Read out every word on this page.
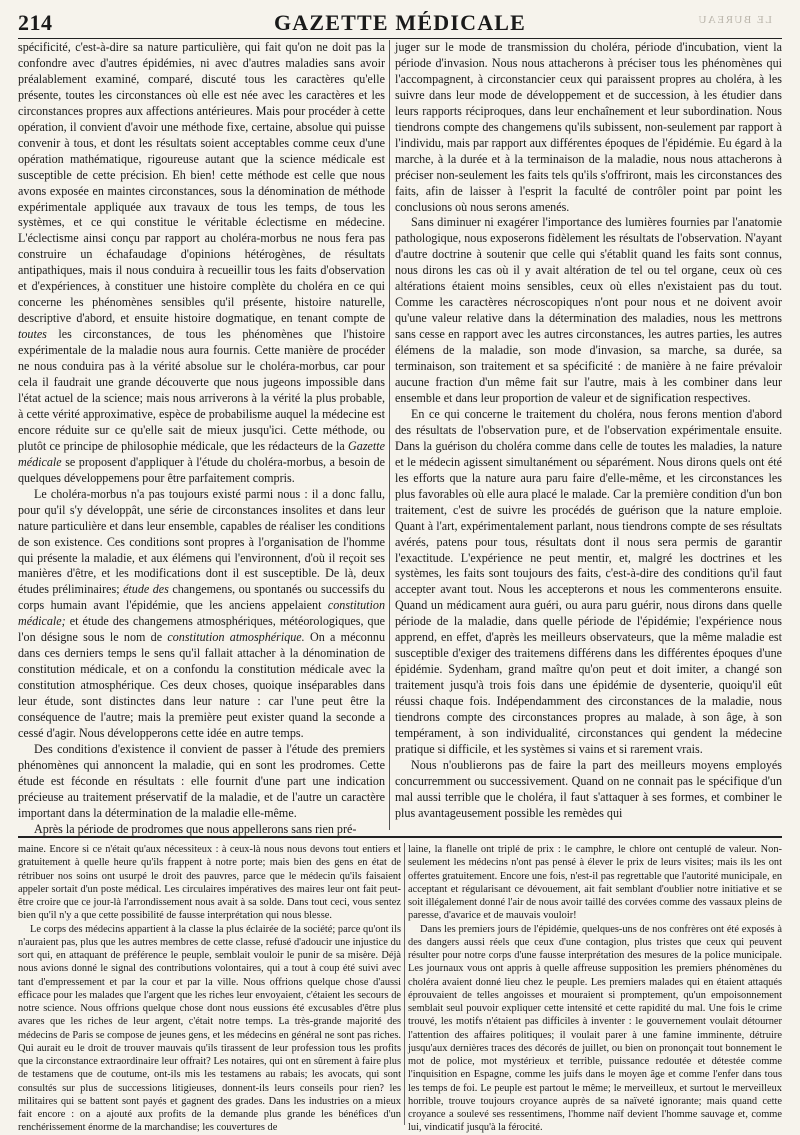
214	GAZETTE MÉDICALE	LE BUREAU

spécificité, c'est-à-dire sa nature particulière, qui fait qu'on ne doit pas la confondre avec d'autres épidémies, ni avec d'autres maladies sans avoir préalablement examiné, comparé, discuté tous les caractères qu'elle présente, toutes les circonstances où elle est née avec les caractères et les circonstances propres aux affections antérieures. Mais pour procéder à cette opération, il convient d'avoir une méthode fixe, certaine, absolue qui puisse convenir à tous, et dont les résultats soient acceptables comme ceux d'une opération mathématique, rigoureuse autant que la science médicale est susceptible de cette précision. Eh bien! cette méthode est celle que nous avons exposée en maintes circonstances, sous la dénomination de méthode expérimentale appliquée aux travaux de tous les temps, de tous les systèmes, et ce qui constitue le véritable éclectisme en médecine. L'éclectisme ainsi conçu par rapport au choléra-morbus ne nous fera pas construire un échafaudage d'opinions hétérogènes, de résultats antipathiques, mais il nous conduira à recueillir tous les faits d'observation et d'expériences, à constituer une histoire complète du choléra en ce qui concerne les phénomènes sensibles qu'il présente, histoire naturelle, descriptive d'abord, et ensuite histoire dogmatique, en tenant compte de toutes les circonstances, de tous les phénomènes que l'histoire expérimentale de la maladie nous aura fournis. Cette manière de procéder ne nous conduira pas à la vérité absolue sur le choléra-morbus, car pour cela il faudrait une grande découverte que nous jugeons impossible dans l'état actuel de la science; mais nous arriverons à la vérité la plus probable, à cette vérité approximative, espèce de probabilisme auquel la médecine est encore réduite sur ce qu'elle sait de mieux jusqu'ici. Cette méthode, ou plutôt ce principe de philosophie médicale, que les rédacteurs de la Gazette médicale se proposent d'appliquer à l'étude du choléra-morbus, a besoin de quelques développemens pour être parfaitement compris.

Le choléra-morbus n'a pas toujours existé parmi nous : il a donc fallu, pour qu'il s'y développât, une série de circonstances insolites et dans leur nature particulière et dans leur ensemble, capables de réaliser les conditions de son existence. Ces conditions sont propres à l'organisation de l'homme qui présente la maladie, et aux élémens qui l'environnent, d'où il reçoit ses manières d'être, et les modifications dont il est susceptible. De là, deux études préliminaires; étude des changemens, ou spontanés ou successifs du corps humain avant l'épidémie, que les anciens appelaient constitution médicale; et étude des changemens atmosphériques, météorologiques, que l'on désigne sous le nom de constitution atmosphérique. On a méconnu dans ces derniers temps le sens qu'il fallait attacher à la dénomination de constitution médicale, et on a confondu la constitution médicale avec la constitution atmosphérique. Ces deux choses, quoique inséparables dans leur étude, sont distinctes dans leur nature : car l'une peut être la conséquence de l'autre; mais la première peut exister quand la seconde a cessé d'agir. Nous développerons cette idée en autre temps.

Des conditions d'existence il convient de passer à l'étude des premiers phénomènes qui annoncent la maladie, qui en sont les prodromes. Cette étude est féconde en résultats : elle fournit d'une part une indication précieuse au traitement préservatif de la maladie, et de l'autre un caractère important dans la détermination de la maladie elle-même.

Après la période de prodromes que nous appellerons sans rien pré-

juger sur le mode de transmission du choléra, période d'incubation, vient la période d'invasion. Nous nous attacherons à préciser tous les phénomènes qui l'accompagnent, à circonstancier ceux qui paraissent propres au choléra, à les suivre dans leur mode de développement et de succession, à les étudier dans leurs rapports réciproques, dans leur enchaînement et leur subordination. Nous tiendrons compte des changemens qu'ils subissent, non-seulement par rapport à l'individu, mais par rapport aux différentes époques de l'épidémie. Eu égard à la marche, à la durée et à la terminaison de la maladie, nous nous attacherons à préciser non-seulement les faits tels qu'ils s'offriront, mais les circonstances des faits, afin de laisser à l'esprit la faculté de contrôler point par point les conclusions où nous serons amenés.

Sans diminuer ni exagérer l'importance des lumières fournies par l'anatomie pathologique, nous exposerons fidèlement les résultats de l'observation. N'ayant d'autre doctrine à soutenir que celle qui s'établit quand les faits sont connus, nous dirons les cas où il y avait altération de tel ou tel organe, ceux où ces altérations étaient moins sensibles, ceux où elles n'existaient pas du tout. Comme les caractères nécroscopiques n'ont pour nous et ne doivent avoir qu'une valeur relative dans la détermination des maladies, nous les mettrons sans cesse en rapport avec les autres circonstances, les autres parties, les autres élémens de la maladie, son mode d'invasion, sa marche, sa durée, sa terminaison, son traitement et sa spécificité : de manière à ne faire prévaloir aucune fraction d'un même fait sur l'autre, mais à les combiner dans leur ensemble et dans leur proportion de valeur et de signification respectives.

En ce qui concerne le traitement du choléra, nous ferons mention d'abord des résultats de l'observation pure, et de l'observation expérimentale ensuite. Dans la guérison du choléra comme dans celle de toutes les maladies, la nature et le médecin agissent simultanément ou séparément. Nous dirons quels ont été les efforts que la nature aura paru faire d'elle-même, et les circonstances les plus favorables où elle aura placé le malade. Car la première condition d'un bon traitement, c'est de suivre les procédés de guérison que la nature emploie. Quant à l'art, expérimentalement parlant, nous tiendrons compte de ses résultats avérés, patens pour tous, résultats dont il nous sera permis de garantir l'exactitude. L'expérience ne peut mentir, et, malgré les doctrines et les systèmes, les faits sont toujours des faits, c'est-à-dire des conditions qu'il faut accepter avant tout. Nous les accepterons et nous les commenterons ensuite. Quand un médicament aura guéri, ou aura paru guérir, nous dirons dans quelle période de la maladie, dans quelle période de l'épidémie; l'expérience nous apprend, en effet, d'après les meilleurs observateurs, que la même maladie est susceptible d'exiger des traitemens différens dans les différentes époques d'une épidémie. Sydenham, grand maître qu'on peut et doit imiter, a changé son traitement jusqu'à trois fois dans une épidémie de dysenterie, quoiqu'il eût réussi chaque fois. Indépendamment des circonstances de la maladie, nous tiendrons compte des circonstances propres au malade, à son âge, à son tempérament, à son individualité, circonstances qui gendent la médecine pratique si difficile, et les systèmes si vains et si rarement vrais.

Nous n'oublierons pas de faire la part des meilleurs moyens employés concurremment ou successivement. Quand on ne connait pas le spécifique d'un mal aussi terrible que le choléra, il faut s'attaquer à ses formes, et combiner le plus avantageusement possible les remèdes qui

maine. Encore si ce n'était qu'aux nécessiteux : à ceux-là nous nous devons tout entiers et gratuitement à quelle heure qu'ils frappent à notre porte; mais bien des gens en état de rétribuer nos soins ont usurpé le droit des pauvres, parce que le médecin qu'ils faisaient appeler sortait d'un poste médical. Les circulaires impératives des maires leur ont fait peut-être croire que ce jour-là l'arrondissement nous avait à sa solde. Dans tout ceci, vous sentez bien qu'il n'y a que cette possibilité de fausse interprétation qui nous blesse.

Le corps des médecins appartient à la classe la plus éclairée de la société; parce qu'ont ils n'auraient pas, plus que les autres membres de cette classe, refusé d'adoucir une injustice du sort qui, en attaquant de préférence le peuple, semblait vouloir le punir de sa misère. Déjà nous avions donné le signal des contributions volontaires, qui a tout à coup été suivi avec tant d'empressement et par la cour et par la ville. Nous offrions quelque chose d'aussi efficace pour les malades que l'argent que les riches leur envoyaient, c'étaient les secours de notre science. Nous offrions quelque chose dont nous eussions été excusables d'être plus avares que les riches de leur argent, c'était notre temps. La très-grande majorité des médecins de Paris se compose de jeunes gens, et les médecins en général ne sont pas riches. Qui aurait eu le droit de trouver mauvais qu'ils tirassent de leur profession tous les profits que la circonstance extraordinaire leur offrait? Les notaires, qui ont en sûrement à faire plus de testamens que de coutume, ont-ils mis les testamens au rabais; les avocats, qui sont consultés sur plus de successions litigieuses, donnent-ils leurs conseils pour rien? les militaires qui se battent sont payés et gagnent des grades. Dans les industries on a mieux fait encore : on a ajouté aux profits de la demande plus grande les bénéfices d'un renchérissement énorme de la marchandise; les couvertures de

laine, la flanelle ont triplé de prix : le camphre, le chlore ont centuplé de valeur. Non-seulement les médecins n'ont pas pensé à élever le prix de leurs visites; mais ils les ont offertes gratuitement. Encore une fois, n'est-il pas regrettable que l'autorité municipale, en acceptant et régularisant ce dévouement, ait fait semblant d'oublier notre initiative et se soit illégalement donné l'air de nous avoir taillé des corvées comme des vassaux pleins de paresse, d'avarice et de mauvais vouloir!

Dans les premiers jours de l'épidémie, quelques-uns de nos confrères ont été exposés à des dangers aussi réels que ceux d'une contagion, plus tristes que ceux qui peuvent résulter pour notre corps d'une fausse interprétation des mesures de la police municipale. Les journaux vous ont appris à quelle affreuse supposition les premiers phénomènes du choléra avaient donné lieu chez le peuple. Les premiers malades qui en étaient attaqués éprouvaient de telles angoisses et mouraient si promptement, qu'un empoisonnement semblait seul pouvoir expliquer cette intensité et cette rapidité du mal. Une fois le crime trouvé, les motifs n'étaient pas difficiles à inventer : le gouvernement voulait détourner l'attention des affaires politiques; il voulait parer à une famine imminente, détruire jusqu'aux dernières traces des décorés de juillet, ou bien on prononçait tout bonnement le mot de police, mot mystérieux et terrible, puissance redoutée et détestée comme l'inquisition en Espagne, comme les juifs dans le moyen âge et comme l'enfer dans tous les temps de foi. Le peuple est partout le même; le merveilleux, et surtout le merveilleux horrible, trouve toujours croyance auprès de sa naïveté ignorante; mais quand cette croyance a soulevé ses ressentimens, l'homme naïf devient l'homme sauvage et, comme lui, vindicatif jusqu'à la férocité.
